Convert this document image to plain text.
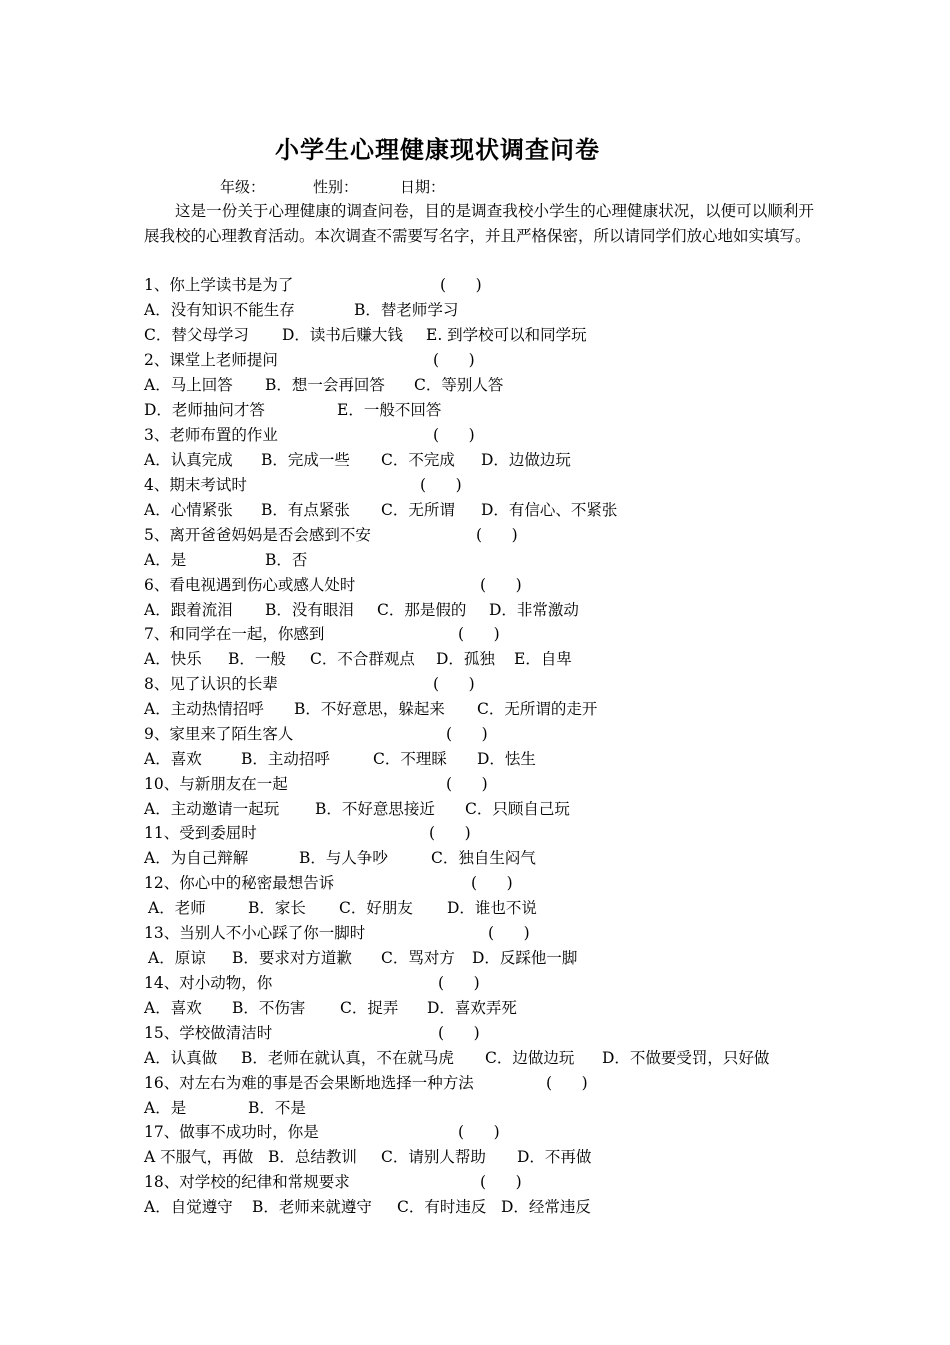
小学生心理健康现状调查问卷
年级：	性别：	日期：
这是一份关于心理健康的调查问卷，目的是调查我校小学生的心理健康状况，以便可以顺利开展我校的心理教育活动。本次调查不需要写名字，并且严格保密，所以请同学们放心地如实填写。
1、你上学读书是为了	(      )

A．没有知识不能生存

	B．替老师学习

C．替父母学习 D．读书后赚大钱 E. 到学校可以和同学玩
2、课堂上老师提问	(      )

A．马上回答

B．想一会再回答

C．等别人答

D．老师抽问才答	E．一般不回答
3、老师布置的作业	(      )

A．认真完成

B．完成一些

C．不完成

D．边做边玩

4、期末考试时	(      )

A．心情紧张

B．有点紧张

C．无所谓

D．有信心、不紧张

5、离开爸爸妈妈是否会感到不安	(      )

A．是

	B．否

6、看电视遇到伤心或感人处时	(      )

A．跟着流泪

B．没有眼泪

C．那是假的

D．非常激动

7、和同学在一起，你感到	(      )

A．快乐

B．一般

C．不合群观点

D．孤独

E．自卑

8、见了认识的长辈	(      )

A．主动热情招呼

B．不好意思，躲起来

C．无所谓的走开

9、家里来了陌生客人	(      )

A．喜欢

	B．主动招呼

	C．不理睬

D．怯生

10、与新朋友在一起	(      )

A．主动邀请一起玩

B．不好意思接近

C．只顾自己玩

11、受到委屈时	(      )

A．为自己辩解

	B．与人争吵

	C．独自生闷气

12、你心中的秘密最想告诉	(      )

A．老师

	B．家长

C．好朋友

D．谁也不说

13、当别人不小心踩了你一脚时	(      )

A．原谅

B．要求对方道歉

C．骂对方

D．反踩他一脚

14、对小动物，你	(      )

A．喜欢

B．不伤害

C．捉弄

D．喜欢弄死

15、学校做清洁时	(      )

A．认真做

B．老师在就认真，不在就马虎

C．边做边玩

D．不做要受罚，只好做

16、对左右为难的事是否会果断地选择一种方法	(      )

A．是

	B．不是

17、做事不成功时，你是	(      )

A 不服气，再做

B．总结教训

C．请别人帮助

D．不再做

18、对学校的纪律和常规要求	(      )

A．自觉遵守

B．老师来就遵守

C．有时违反

D．经常违反
